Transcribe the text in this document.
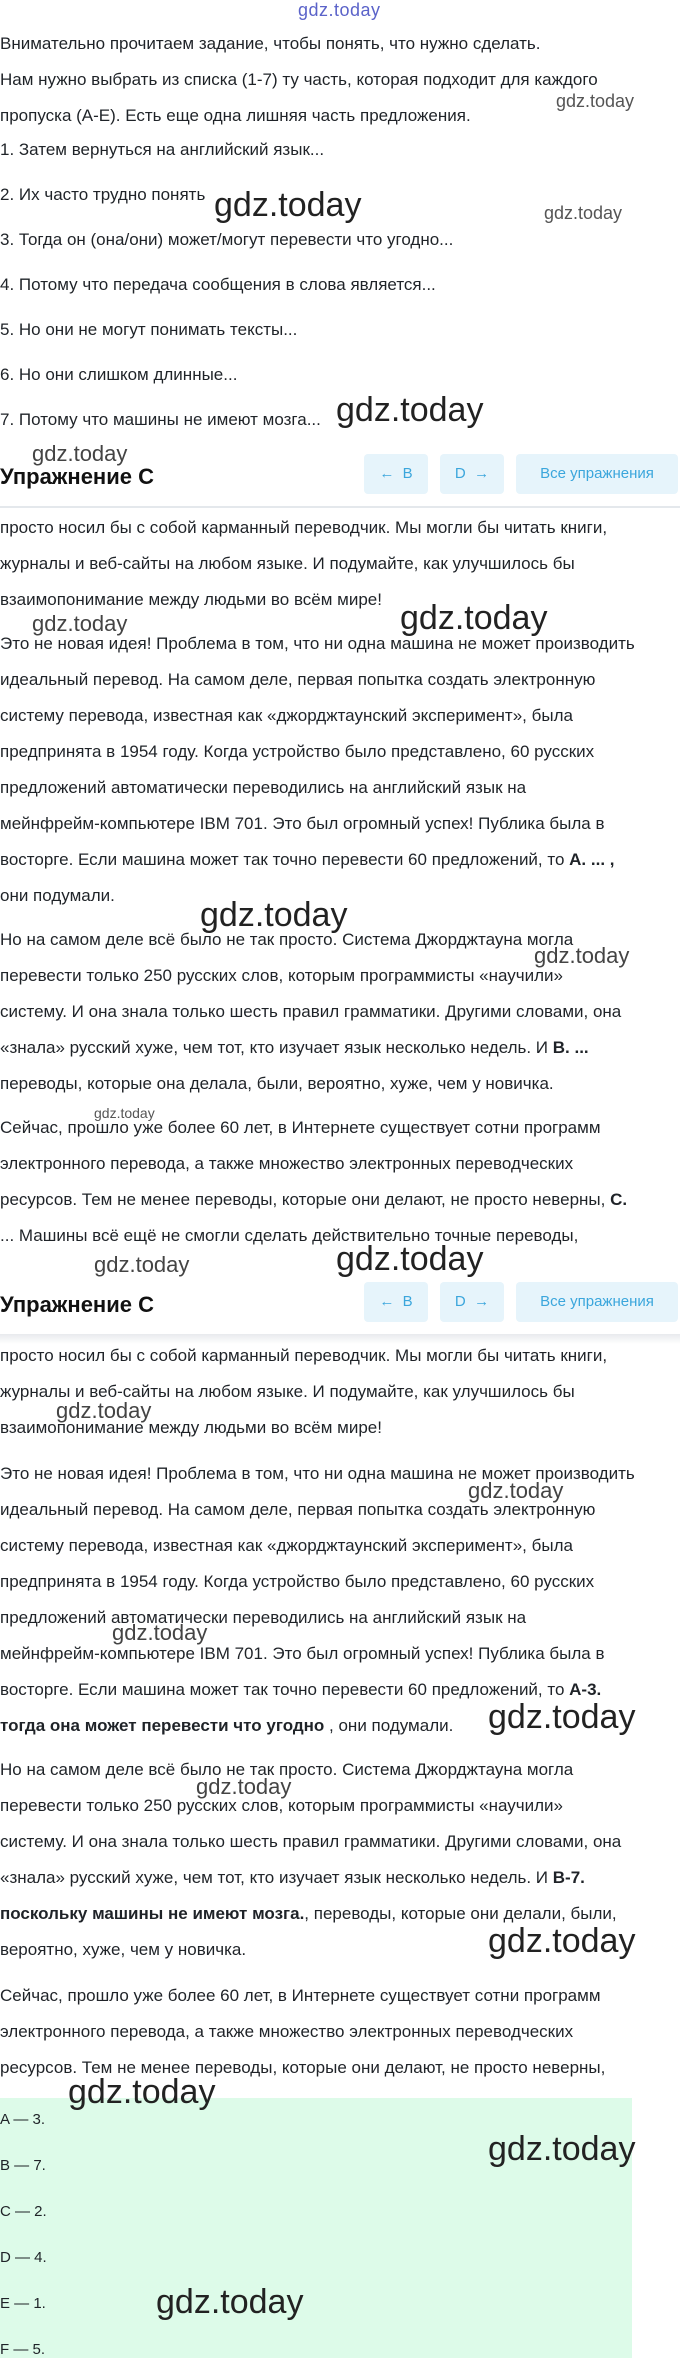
gdz.today

Внимательно прочитаем задание, чтобы понять, что нужно сделать.

Нам нужно выбрать из списка (1-7) ту часть, которая подходит для каждого

пропуска (A-E). Есть еще одна лишняя часть предложения.

1. Затем вернуться на английский язык...

2. Их часто трудно понять

3. Тогда он (она/они) может/могут перевести что угодно...

4. Потому что передача сообщения в слова является...

5. Но они не могут понимать тексты...

6. Но они слишком длинные...

7. Потому что машины не имеют мозга...

Упражнение С	← B	D →	Все упражнения

просто носил бы с собой карманный переводчик. Мы могли бы читать книги,

журналы и веб-сайты на любом языке. И подумайте, как улучшилось бы

взаимопонимание между людьми во всём мире!

Это не новая идея! Проблема в том, что ни одна машина не может производить

идеальный перевод. На самом деле, первая попытка создать электронную

систему перевода, известная как «джорджтаунский эксперимент», была

предпринята в 1954 году. Когда устройство было представлено, 60 русских

предложений автоматически переводились на английский язык на

мейнфрейм-компьютере IBM 701. Это был огромный успех! Публика была в

восторге. Если машина может так точно перевести 60 предложений, то A. ... ,

они подумали.

Но на самом деле всё было не так просто. Система Джорджтауна могла

перевести только 250 русских слов, которым программисты «научили»

систему. И она знала только шесть правил грамматики. Другими словами, она

«знала» русский хуже, чем тот, кто изучает язык несколько недель. И B. ...

переводы, которые она делала, были, вероятно, хуже, чем у новичка.

Сейчас, прошло уже более 60 лет, в Интернете существует сотни программ

электронного перевода, а также множество электронных переводческих

ресурсов. Тем не менее переводы, которые они делают, не просто неверны, C.

... Машины всё ещё не смогли сделать действительно точные переводы,

Упражнение С	← B	D →	Все упражнения

просто носил бы с собой карманный переводчик. Мы могли бы читать книги,

журналы и веб-сайты на любом языке. И подумайте, как улучшилось бы

взаимопонимание между людьми во всём мире!

Это не новая идея! Проблема в том, что ни одна машина не может производить

идеальный перевод. На самом деле, первая попытка создать электронную

систему перевода, известная как «джорджтаунский эксперимент», была

предпринята в 1954 году. Когда устройство было представлено, 60 русских

предложений автоматически переводились на английский язык на

мейнфрейм-компьютере IBM 701. Это был огромный успех! Публика была в

восторге. Если машина может так точно перевести 60 предложений, то A-3.

тогда она может перевести что угодно , они подумали.

Но на самом деле всё было не так просто. Система Джорджтауна могла

перевести только 250 русских слов, которым программисты «научили»

систему. И она знала только шесть правил грамматики. Другими словами, она

«знала» русский хуже, чем тот, кто изучает язык несколько недель. И B-7.

поскольку машины не имеют мозга., переводы, которые они делали, были,

вероятно, хуже, чем у новичка.

Сейчас, прошло уже более 60 лет, в Интернете существует сотни программ

электронного перевода, а также множество электронных переводческих

ресурсов. Тем не менее переводы, которые они делают, не просто неверны,

A — 3.

B — 7.

C — 2.

D — 4.

E — 1.

F — 5.

gdz.today
gdz.today	gdz.today
gdz.today
gdz.today
gdz.today	gdz.today
gdz.today
gdz.today
gdz.today
gdz.today	gdz.today
gdz.today
gdz.today
gdz.today
gdz.today
gdz.today
gdz.today
gdz.today
gdz.today
gdz.today
